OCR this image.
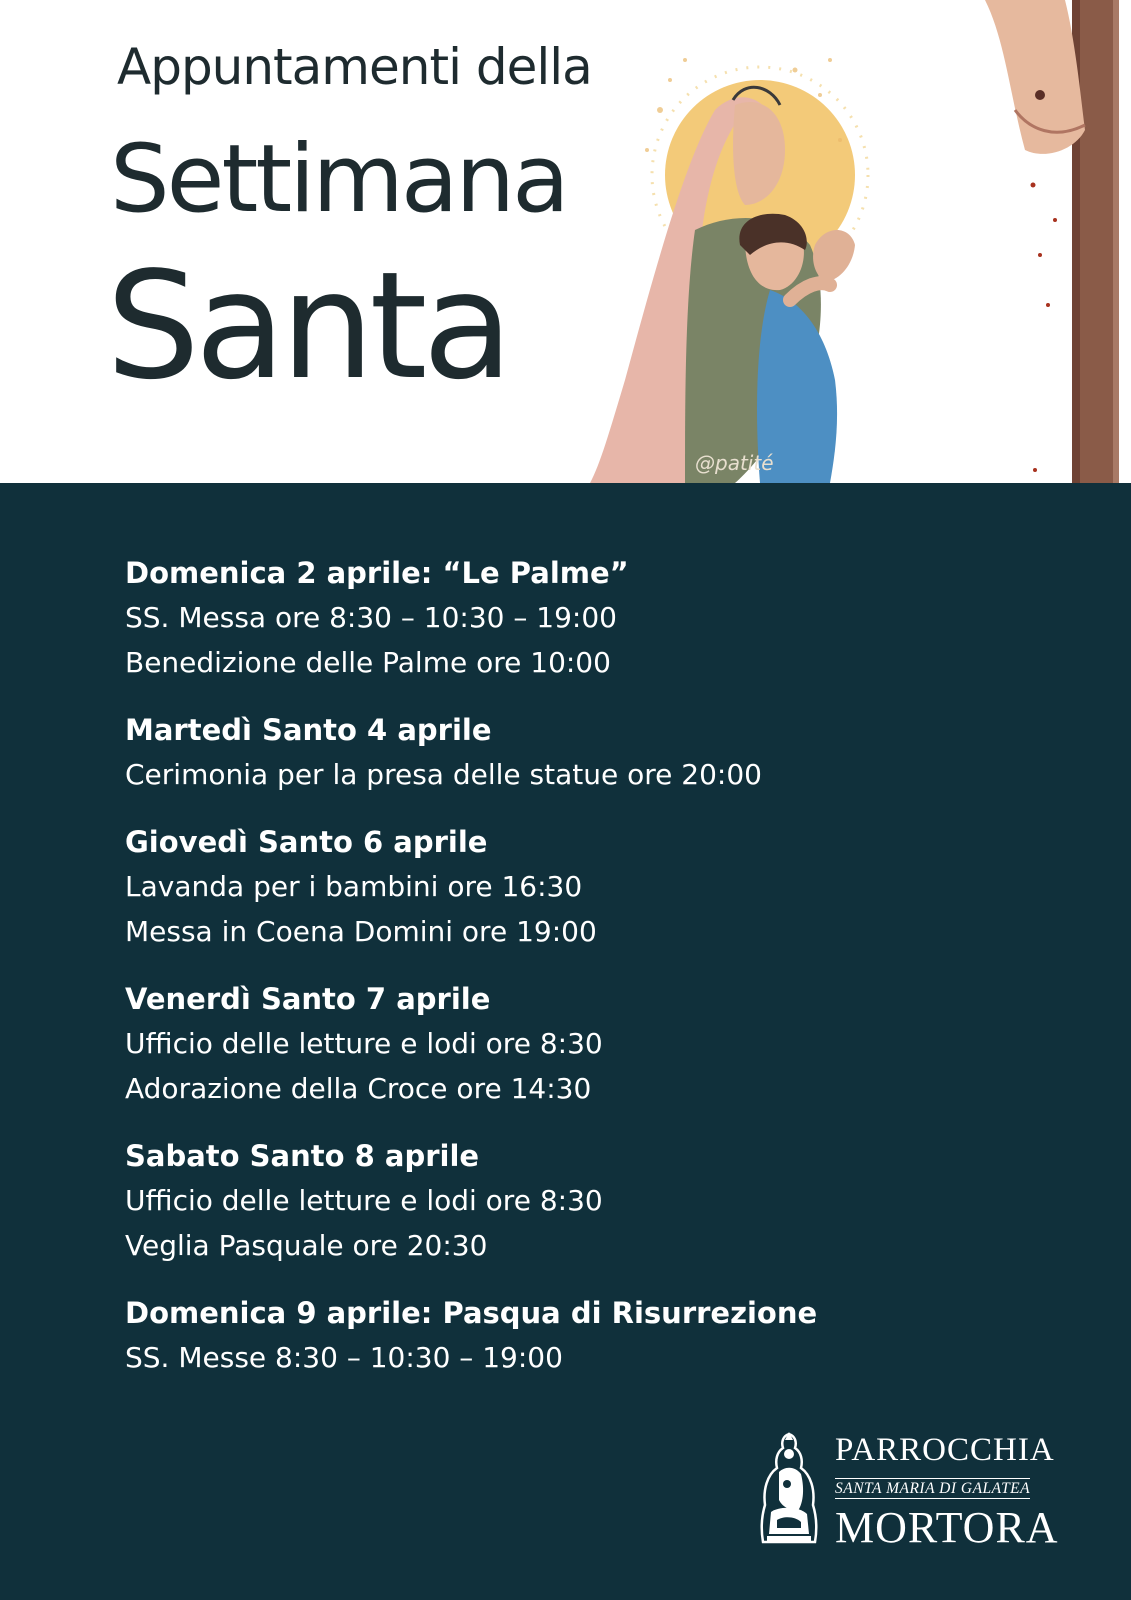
Appuntamenti della
Settimana
Santa
@patité
Domenica 2 aprile: “Le Palme”
SS. Messa ore 8:30 – 10:30 – 19:00
Benedizione delle Palme ore 10:00
Martedì Santo 4 aprile
Cerimonia per la presa delle statue ore 20:00
Giovedì Santo 6 aprile
Lavanda per i bambini ore 16:30
Messa in Coena Domini ore 19:00
Venerdì Santo 7 aprile
Ufficio delle letture e lodi ore 8:30
Adorazione della Croce ore 14:30
Sabato Santo 8 aprile
Ufficio delle letture e lodi ore 8:30
Veglia Pasquale ore 20:30
Domenica 9 aprile: Pasqua di Risurrezione
SS. Messe 8:30 – 10:30 – 19:00
PARROCCHIA
SANTA MARIA DI GALATEA
MORTORA
